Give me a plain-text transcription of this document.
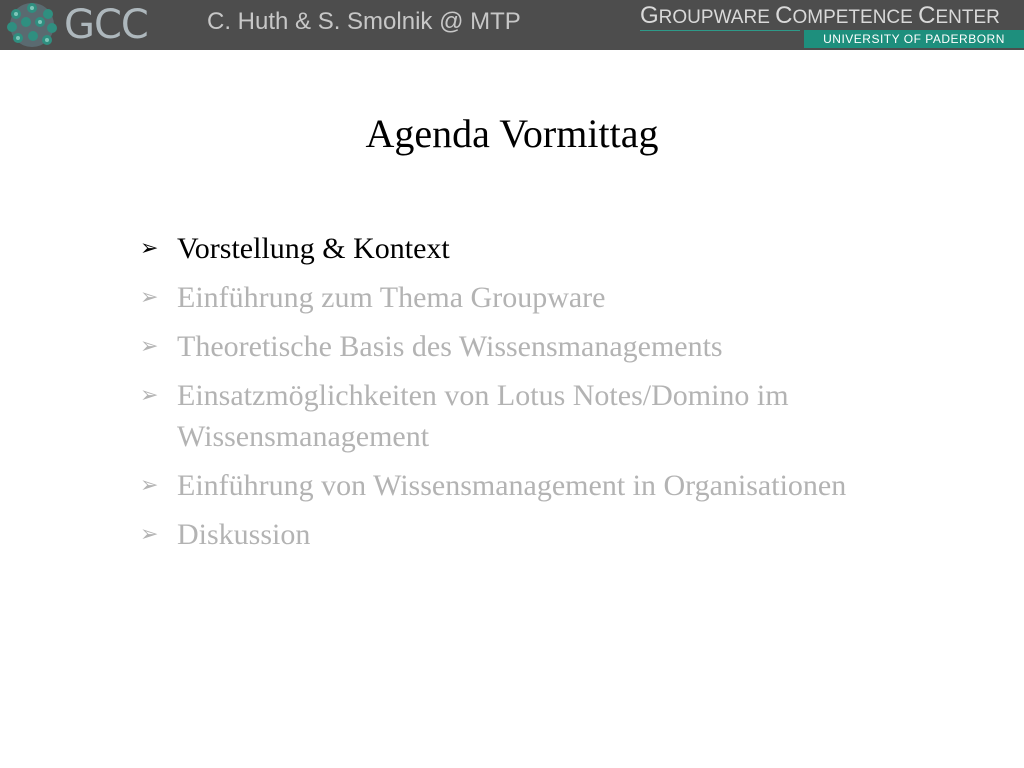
GCC C. Huth & S. Smolnik @ MTP	GROUPWARE COMPETENCE CENTER
UNIVERSITY OF PADERBORN
Agenda Vormittag
➢ Vorstellung & Kontext
➢ Einführung zum Thema Groupware
➢ Theoretische Basis des Wissensmanagements
➢ Einsatzmöglichkeiten von Lotus Notes/Domino im Wissensmanagement
➢ Einführung von Wissensmanagement in Organisationen
➢ Diskussion
